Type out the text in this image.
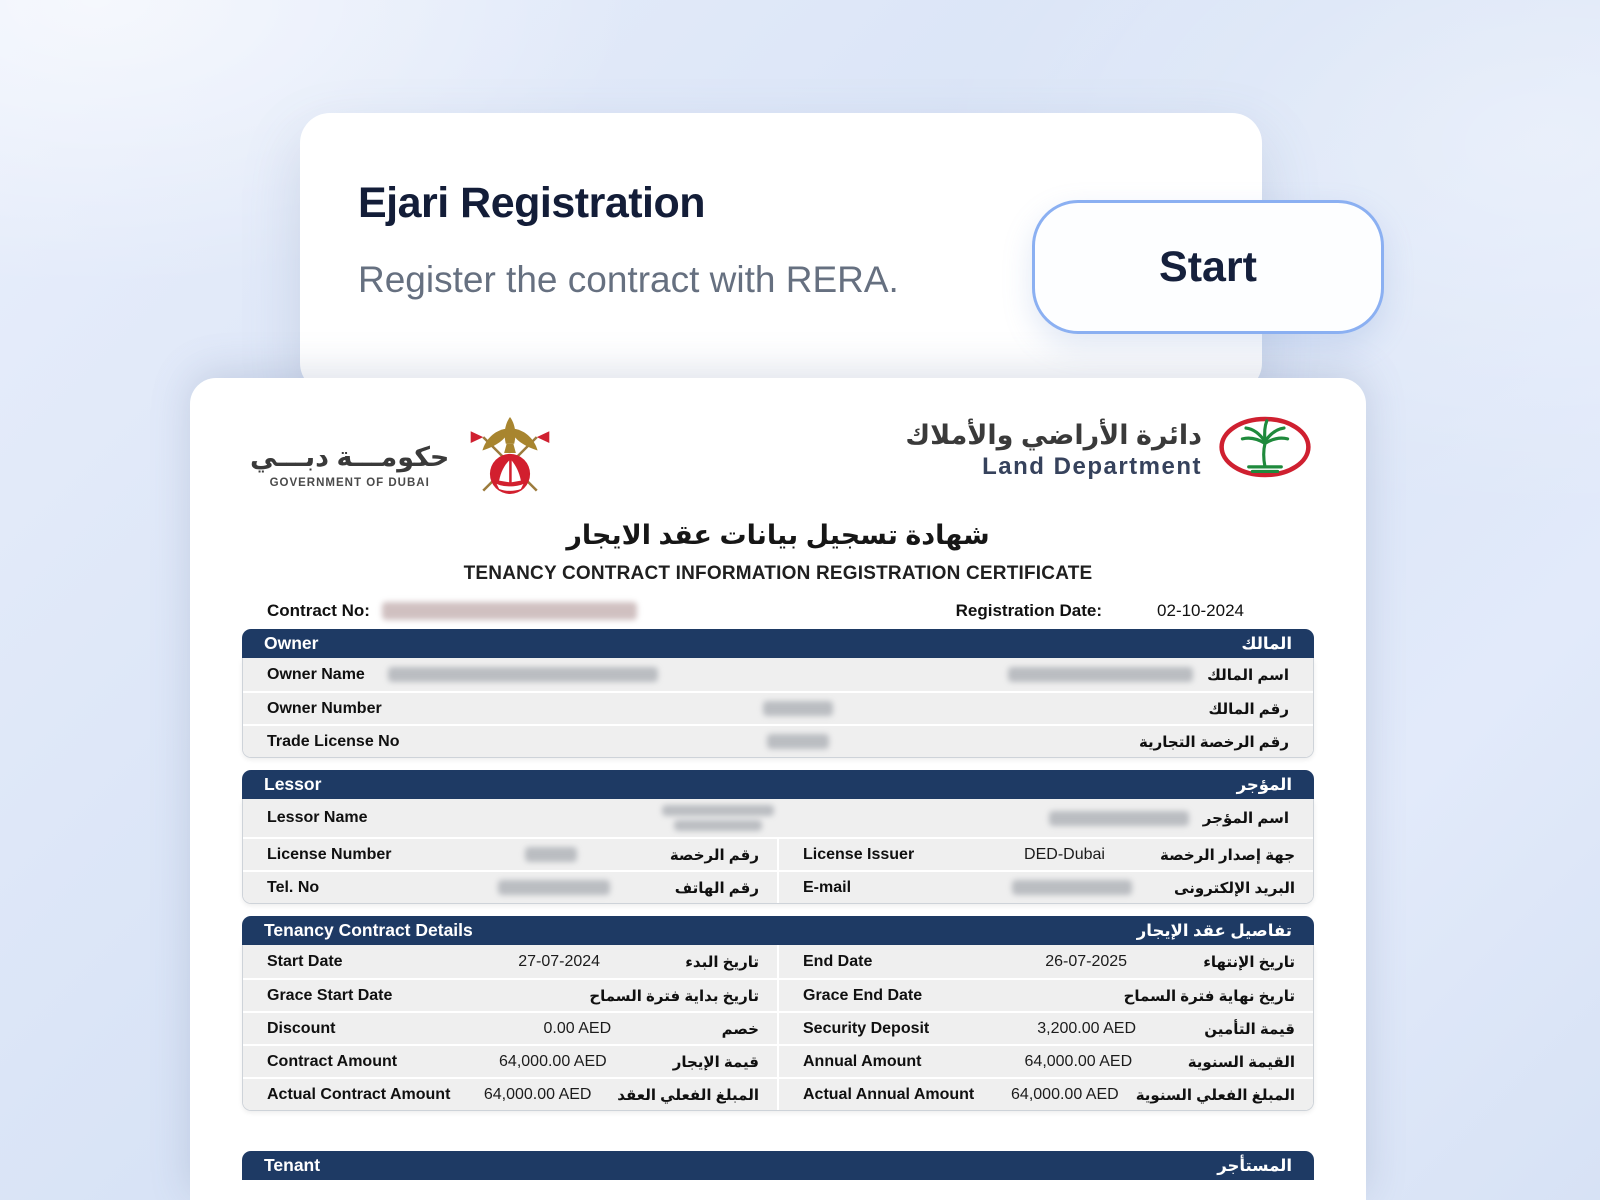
Ejari Registration
Register the contract with RERA.	Start
حكومـــة دبـــي
GOVERNMENT OF DUBAI
دائرة الأراضي والأملاك
Land Department
شهادة تسجيل بيانات عقد الايجار
TENANCY CONTRACT INFORMATION REGISTRATION CERTIFICATE
Contract No:	Registration Date:	02-10-2024
Owner	المالك
Owner Name	اسم المالك
Owner Number	رقم المالك
Trade License No	رقم الرخصة التجارية
Lessor	المؤجر
Lessor Name	اسم المؤجر
License Number	رقم الرخصة	License Issuer	DED-Dubai	جهة إصدار الرخصة
Tel. No	رقم الهاتف	E-mail	البريد الإلكترونى
Tenancy Contract Details	تفاصيل عقد الإيجار
Start Date	27-07-2024	تاريخ البدء	End Date	26-07-2025	تاريخ الإنتهاء
Grace Start Date	تاريخ بداية فترة السماح	Grace End Date	تاريخ نهاية فترة السماح
Discount	0.00 AED	خصم	Security Deposit	3,200.00 AED	قيمة التأمين
Contract Amount	64,000.00 AED	قيمة الإيجار	Annual Amount	64,000.00 AED	القيمة السنوية
Actual Contract Amount	64,000.00 AED المبلغ الفعلي العقد	Actual Annual Amount	64,000.00 AED المبلغ الفعلي السنوية
Tenant	المستأجر
